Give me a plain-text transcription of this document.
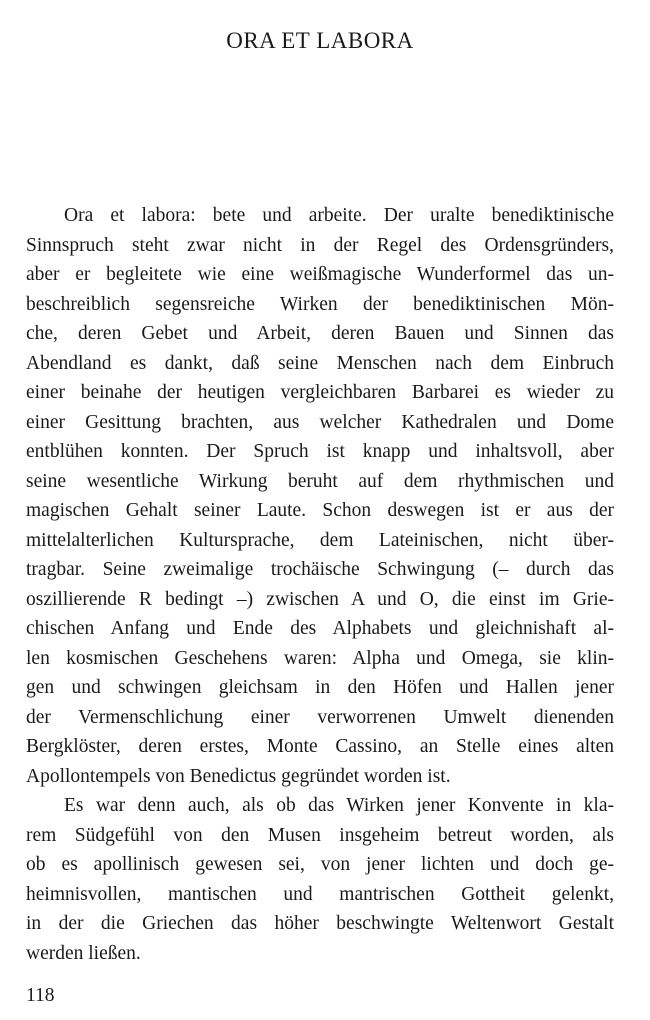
ORA ET LABORA
Ora et labora: bete und arbeite. Der uralte benediktinische
Sinnspruch steht zwar nicht in der Regel des Ordensgründers,
aber er begleitete wie eine weißmagische Wunderformel das un-
beschreiblich segensreiche Wirken der benediktinischen Mön-
che, deren Gebet und Arbeit, deren Bauen und Sinnen das
Abendland es dankt, daß seine Menschen nach dem Einbruch
einer beinahe der heutigen vergleichbaren Barbarei es wieder zu
einer Gesittung brachten, aus welcher Kathedralen und Dome
entblühen konnten. Der Spruch ist knapp und inhaltsvoll, aber
seine wesentliche Wirkung beruht auf dem rhythmischen und
magischen Gehalt seiner Laute. Schon deswegen ist er aus der
mittelalterlichen Kultursprache, dem Lateinischen, nicht über-
tragbar. Seine zweimalige trochäische Schwingung (– durch das
oszillierende R bedingt –) zwischen A und O, die einst im Grie-
chischen Anfang und Ende des Alphabets und gleichnishaft al-
len kosmischen Geschehens waren: Alpha und Omega, sie klin-
gen und schwingen gleichsam in den Höfen und Hallen jener
der Vermenschlichung einer verworrenen Umwelt dienenden
Bergklöster, deren erstes, Monte Cassino, an Stelle eines alten
Apollontempels von Benedictus gegründet worden ist.
Es war denn auch, als ob das Wirken jener Konvente in kla-
rem Südgefühl von den Musen insgeheim betreut worden, als
ob es apollinisch gewesen sei, von jener lichten und doch ge-
heimnisvollen, mantischen und mantrischen Gottheit gelenkt,
in der die Griechen das höher beschwingte Weltenwort Gestalt
werden ließen.
118
